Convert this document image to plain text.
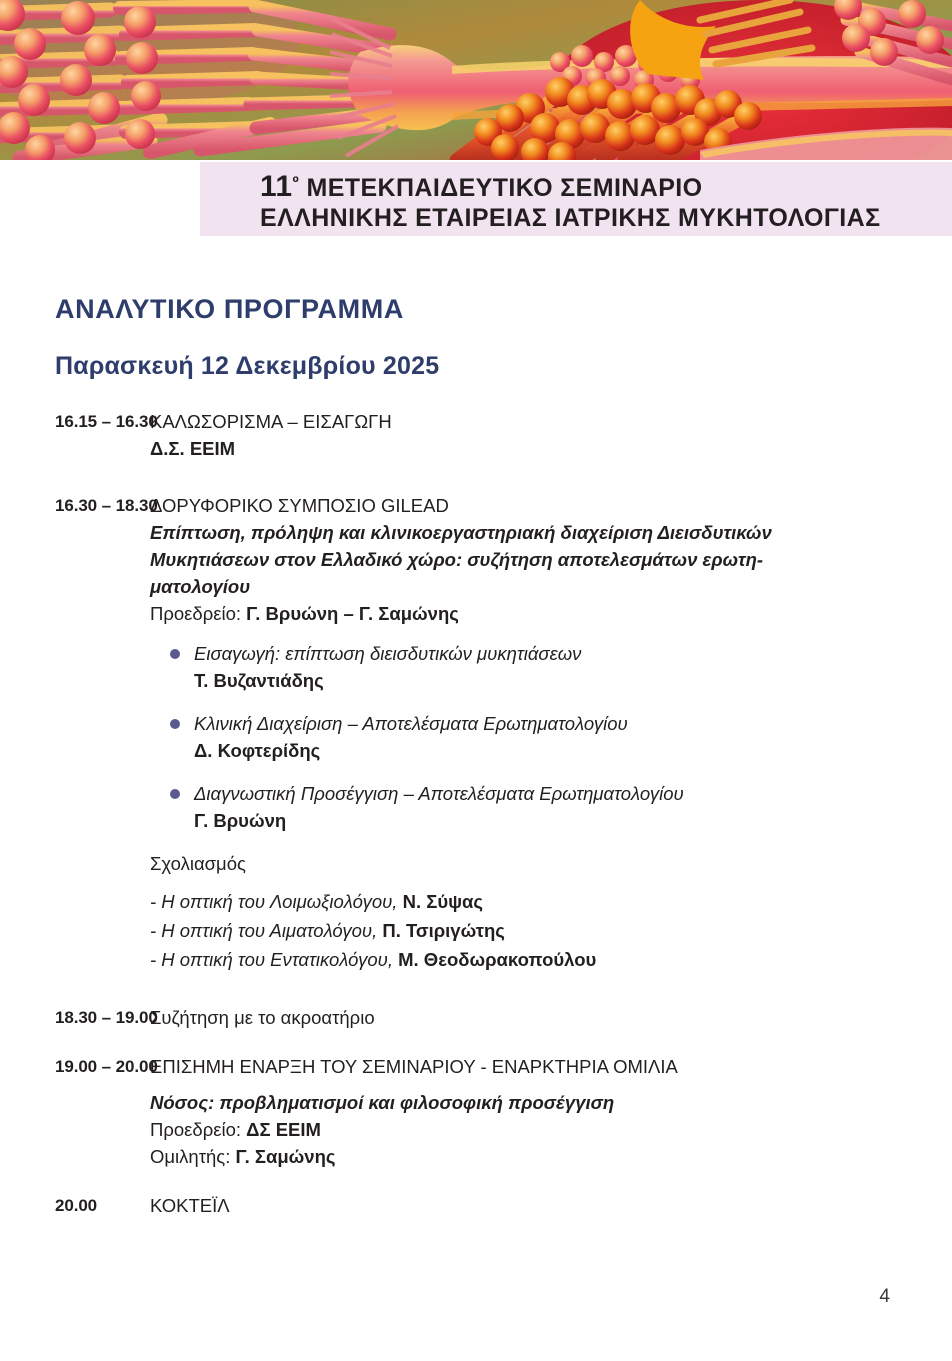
$11^º$ ΜΕΤΕΚΠΑΙΔΕΥΤΙΚΟ ΣΕΜΙΝΑΡΙΟ
ΕΛΛΗΝΙΚΗΣ ΕΤΑΙΡΕΙΑΣ ΙΑΤΡΙΚΗΣ ΜΥΚΗΤΟΛΟΓΙΑΣ
ΑΝΑΛΥΤΙΚΟ ΠΡΟΓΡΑΜΜΑ
Παρασκευή 12 Δεκεμβρίου 2025
16.15 – 16.30
ΚΑΛΩΣΟΡΙΣΜΑ – ΕΙΣΑΓΩΓΗ
Δ.Σ. ΕΕΙΜ
16.30 – 18.30
ΔΟΡΥΦΟΡΙΚΟ ΣΥΜΠΟΣΙΟ GILEAD
Επίπτωση, πρόληψη και κλινικοεργαστηριακή διαχείριση Διεισδυτικών
Μυκητιάσεων στον Ελλαδικό χώρο: συζήτηση αποτελεσμάτων ερωτη-
ματολογίου
Προεδρείο: Γ. Βρυώνη – Γ. Σαμώνης
Εισαγωγή: επίπτωση διεισδυτικών μυκητιάσεων
Τ. Βυζαντιάδης
Κλινική Διαχείριση – Αποτελέσματα Ερωτηματολογίου
Δ. Κοφτερίδης
Διαγνωστική Προσέγγιση – Αποτελέσματα Ερωτηματολογίου
Γ. Βρυώνη
Σχολιασμός
- Η οπτική του Λοιμωξιολόγου, Ν. Σύψας
- Η οπτική του Αιματολόγου, Π. Τσιριγώτης
- Η οπτική του Εντατικολόγου, Μ. Θεοδωρακοπούλου
18.30 – 19.00
Συζήτηση με το ακροατήριο
19.00 – 20.00
ΕΠΙΣΗΜΗ ΕΝΑΡΞΗ ΤΟΥ ΣΕΜΙΝΑΡΙΟΥ - ΕΝΑΡΚΤΗΡΙΑ ΟΜΙΛΙΑ
Νόσος: προβληματισμοί και φιλοσοφική προσέγγιση
Προεδρείο: ΔΣ ΕΕΙΜ
Ομιλητής: Γ. Σαμώνης
20.00	ΚΟΚΤΕΪΛ
4
